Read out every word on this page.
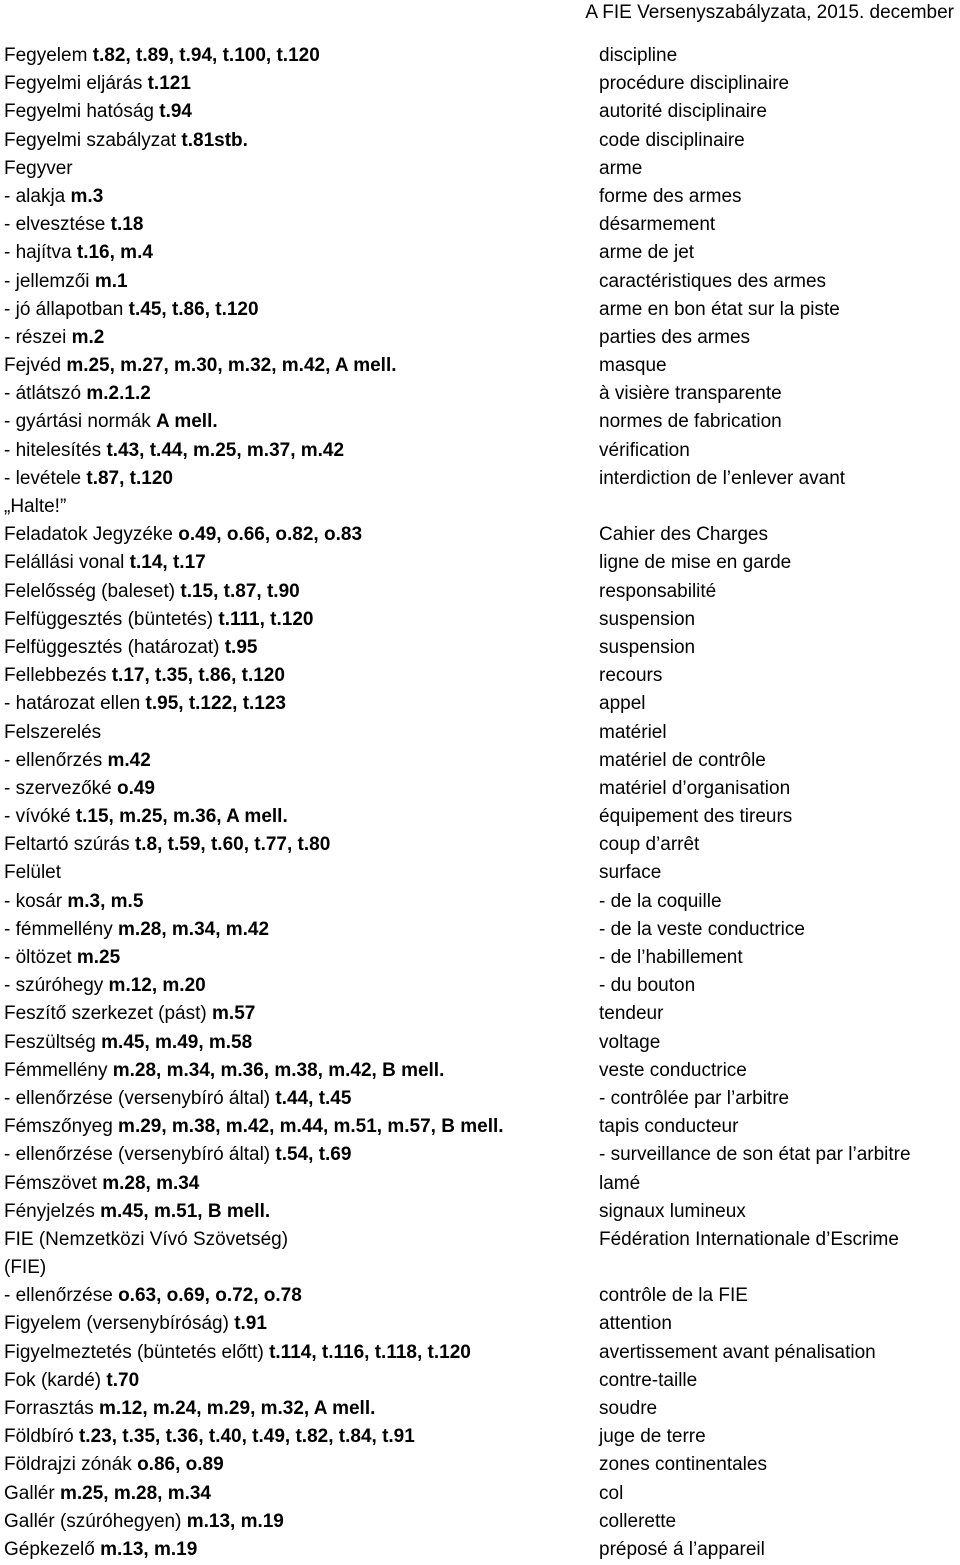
A FIE Versenyszabályzata, 2015. december
Fegyelem t.82, t.89, t.94, t.100, t.120	discipline
Fegyelmi eljárás t.121	procédure disciplinaire
Fegyelmi hatóság t.94	autorité disciplinaire
Fegyelmi szabályzat t.81stb.	code disciplinaire
Fegyver	arme
- alakja m.3	forme des armes
- elvesztése t.18	désarmement
- hajítva t.16, m.4	arme de jet
- jellemzői m.1	caractéristiques des armes
- jó állapotban t.45, t.86, t.120	arme en bon état sur la piste
- részei m.2	parties des armes
Fejvéd m.25, m.27, m.30, m.32, m.42, A mell.	masque
- átlátszó m.2.1.2	à visière transparente
- gyártási normák A mell.	normes de fabrication
- hitelesítés t.43, t.44, m.25, m.37, m.42	vérification
- levétele t.87, t.120	interdiction de l’enlever avant
„Halte!”
Feladatok Jegyzéke o.49, o.66, o.82, o.83	Cahier des Charges
Felállási vonal t.14, t.17	ligne de mise en garde
Felelősség (baleset) t.15, t.87, t.90	responsabilité
Felfüggesztés (büntetés) t.111, t.120	suspension
Felfüggesztés (határozat) t.95	suspension
Fellebbezés t.17, t.35, t.86, t.120	recours
- határozat ellen t.95, t.122, t.123	appel
Felszerelés	matériel
- ellenőrzés m.42	matériel de contrôle
- szervezőké o.49	matériel d’organisation
- vívóké t.15, m.25, m.36, A mell.	équipement des tireurs
Feltartó szúrás t.8, t.59, t.60, t.77, t.80	coup d’arrêt
Felület	surface
- kosár m.3, m.5	- de la coquille
- fémmellény m.28, m.34, m.42	- de la veste conductrice
- öltözet m.25	- de l’habillement
- szúróhegy m.12, m.20	- du bouton
Feszítő szerkezet (pást) m.57	tendeur
Feszültség m.45, m.49, m.58	voltage
Fémmellény m.28, m.34, m.36, m.38, m.42, B mell.	veste conductrice
- ellenőrzése (versenybíró által) t.44, t.45	- contrôlée par l’arbitre
Fémszőnyeg m.29, m.38, m.42, m.44, m.51, m.57, B mell.	tapis conducteur
- ellenőrzése (versenybíró által) t.54, t.69	- surveillance de son état par l’arbitre
Fémszövet m.28, m.34	lamé
Fényjelzés m.45, m.51, B mell.	signaux lumineux
FIE (Nemzetközi Vívó Szövetség)	Fédération Internationale d’Escrime
(FIE)
- ellenőrzése o.63, o.69, o.72, o.78	contrôle de la FIE
Figyelem (versenybíróság) t.91	attention
Figyelmeztetés (büntetés előtt) t.114, t.116, t.118, t.120	avertissement avant pénalisation
Fok (kardé) t.70	contre-taille
Forrasztás m.12, m.24, m.29, m.32, A mell.	soudre
Földbíró t.23, t.35, t.36, t.40, t.49, t.82, t.84, t.91	juge de terre
Földrajzi zónák o.86, o.89	zones continentales
Gallér m.25, m.28, m.34	col
Gallér (szúróhegyen) m.13, m.19	collerette
Gépkezelő m.13, m.19	préposé á l’appareil
